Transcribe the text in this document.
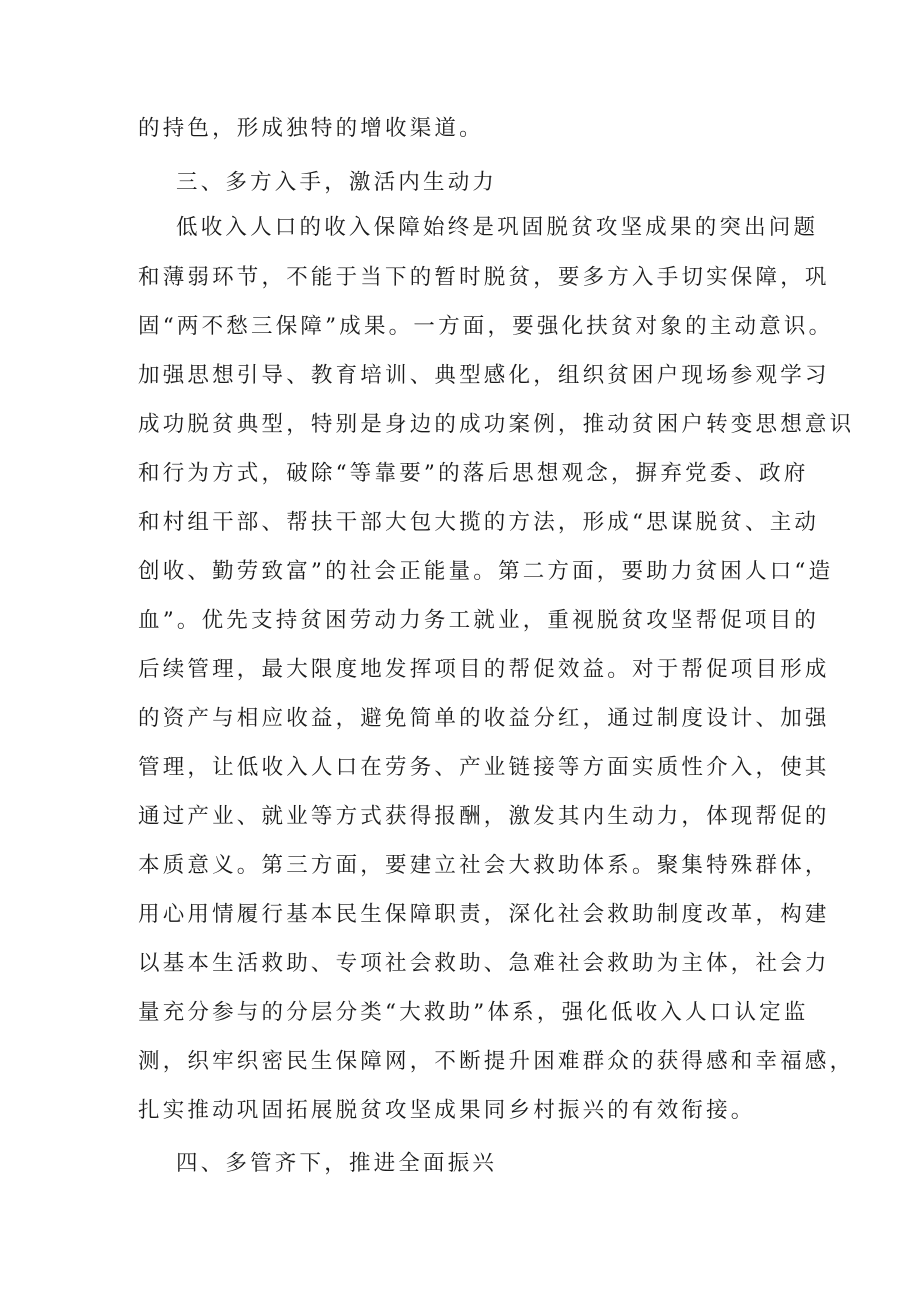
的持色，形成独特的增收渠道。
三、多方入手，激活内生动力
低收入人口的收入保障始终是巩固脱贫攻坚成果的突出问题
和薄弱环节，不能于当下的暂时脱贫，要多方入手切实保障，巩
固“两不愁三保障”成果。一方面，要强化扶贫对象的主动意识。
加强思想引导、教育培训、典型感化，组织贫困户现场参观学习
成功脱贫典型，特别是身边的成功案例，推动贫困户转变思想意识
和行为方式，破除“等靠要”的落后思想观念，摒弃党委、政府
和村组干部、帮扶干部大包大揽的方法，形成“思谋脱贫、主动
创收、勤劳致富”的社会正能量。第二方面，要助力贫困人口“造
血”。优先支持贫困劳动力务工就业，重视脱贫攻坚帮促项目的
后续管理，最大限度地发挥项目的帮促效益。对于帮促项目形成
的资产与相应收益，避免简单的收益分红，通过制度设计、加强
管理，让低收入人口在劳务、产业链接等方面实质性介入，使其
通过产业、就业等方式获得报酬，激发其内生动力，体现帮促的
本质意义。第三方面，要建立社会大救助体系。聚集特殊群体，
用心用情履行基本民生保障职责，深化社会救助制度改革，构建
以基本生活救助、专项社会救助、急难社会救助为主体，社会力
量充分参与的分层分类“大救助”体系，强化低收入人口认定监
测，织牢织密民生保障网，不断提升困难群众的获得感和幸福感，
扎实推动巩固拓展脱贫攻坚成果同乡村振兴的有效衔接。
四、多管齐下，推进全面振兴
